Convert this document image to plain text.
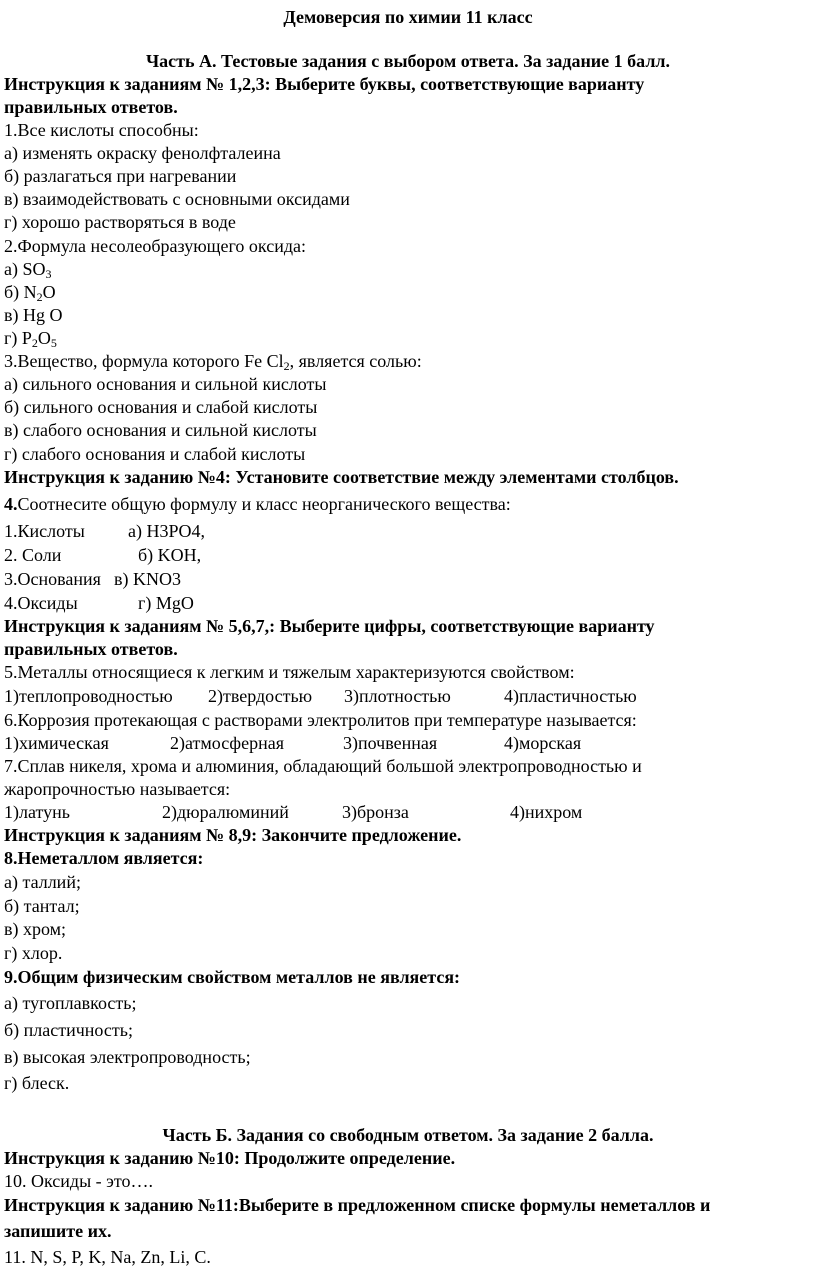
Демоверсия по химии 11 класс
Часть А. Тестовые задания с выбором ответа. За задание 1 балл.
Инструкция к заданиям № 1,2,3: Выберите буквы, соответствующие варианту
правильных ответов.
1.Все кислоты способны:
а) изменять окраску фенолфталеина
б) разлагаться при нагревании
в) взаимодействовать с основными оксидами
г) хорошо растворяться в воде
2.Формула несолеобразующего оксида:
а) $SO_3$
б) $N_2O$
в) Hg O
г) $P_2O_5$
3.Вещество, формула которого Fe $Cl_2$, является солью:
а) сильного основания и сильной кислоты
б) сильного основания и слабой кислоты
в) слабого основания и сильной кислоты
г) слабого основания и слабой кислоты
Инструкция к заданию №4: Установите соответствие между элементами столбцов.
4.Соотнесите общую формулу и класс неорганического вещества:
1.Кислоты а) H3PO4,
2. Соли	б) KOH,
3.Основания в) KNO3
4.Оксиды	г) MgO
Инструкция к заданиям № 5,6,7,: Выберите цифры, соответствующие варианту
правильных ответов.
5.Металлы относящиеся к легким и тяжелым характеризуются свойством:
1)теплопроводностью 2)твердостью 3)плотностью	4)пластичностью
6.Коррозия протекающая с растворами электролитов при температуре называется:
1)химическая	2)атмосферная	3)почвенная	4)морская
7.Сплав никеля, хрома и алюминия, обладающий большой электропроводностью и
жаропрочностью называется:
1)латунь	2)дюралюминий	3)бронза	4)нихром
Инструкция к заданиям № 8,9: Закончите предложение.
8.Неметаллом является:
а) таллий;
б) тантал;
в) хром;
г) хлор.
9.Общим физическим свойством металлов не является:
а) тугоплавкость;
б) пластичность;
в) высокая электропроводность;
г) блеск.
Часть Б. Задания со свободным ответом. За задание 2 балла.
Инструкция к заданию №10: Продолжите определение.
10. Оксиды - это….
Инструкция к заданию №11:Выберите в предложенном списке формулы неметаллов и
запишите их.
11. N, S, P, K, Na, Zn, Li, C.
